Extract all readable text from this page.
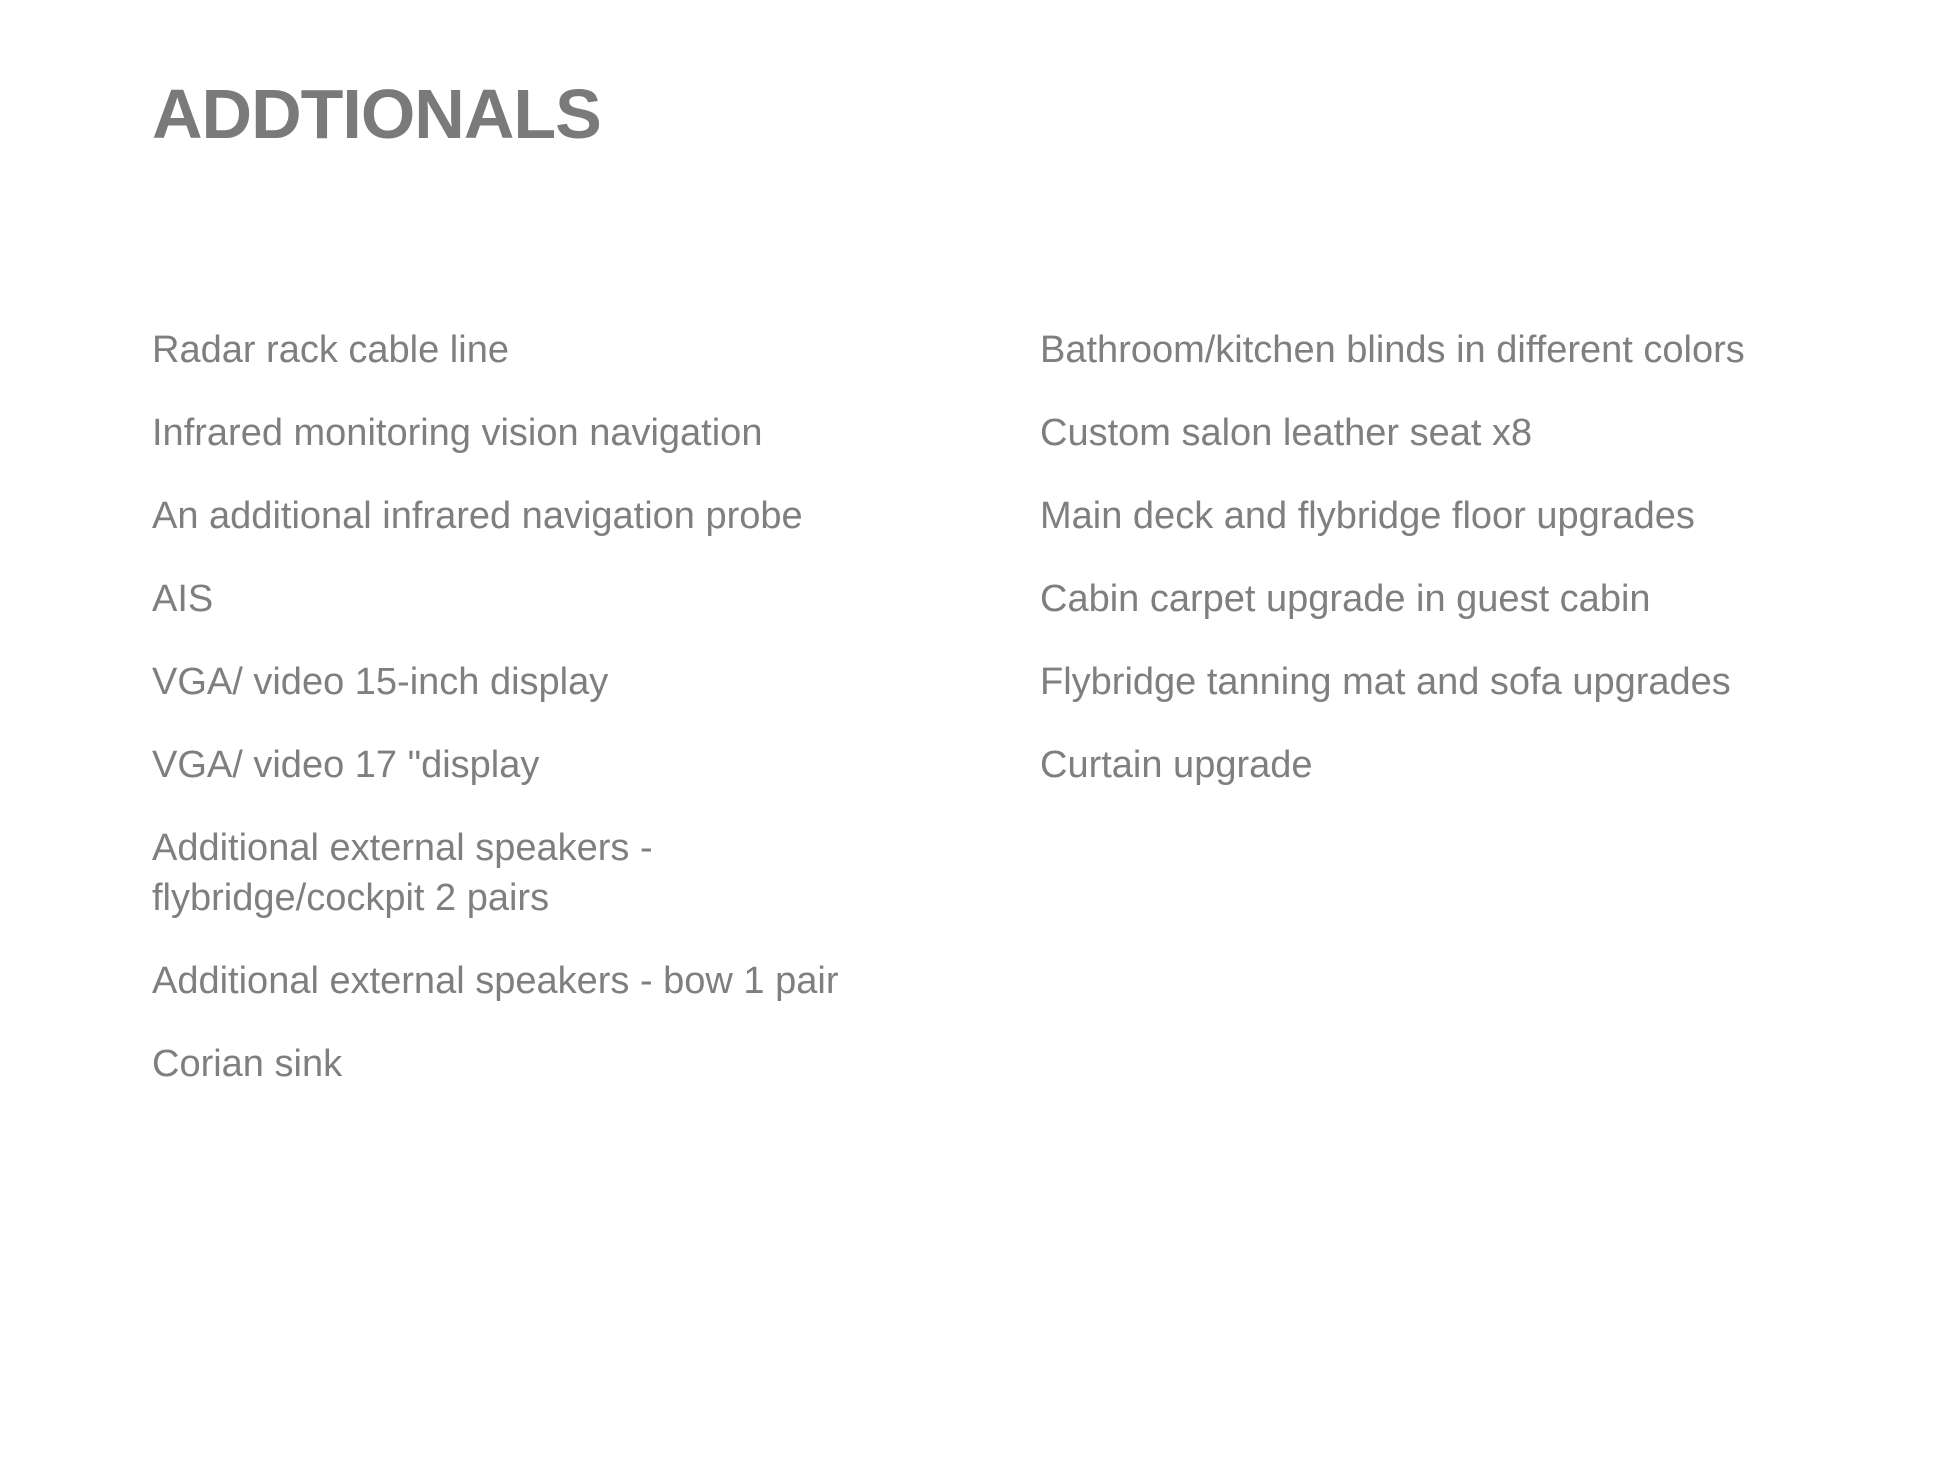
ADDTIONALS
Radar rack cable line
Infrared monitoring vision navigation
An additional infrared navigation probe
AIS
VGA/ video 15-inch display
VGA/ video 17 "display
Additional external speakers -
flybridge/cockpit 2 pairs
Additional external speakers - bow 1 pair
Corian sink
Bathroom/kitchen blinds in different colors
Custom salon leather seat x8
Main deck and flybridge floor upgrades
Cabin carpet upgrade in guest cabin
Flybridge tanning mat and sofa upgrades
Curtain upgrade
